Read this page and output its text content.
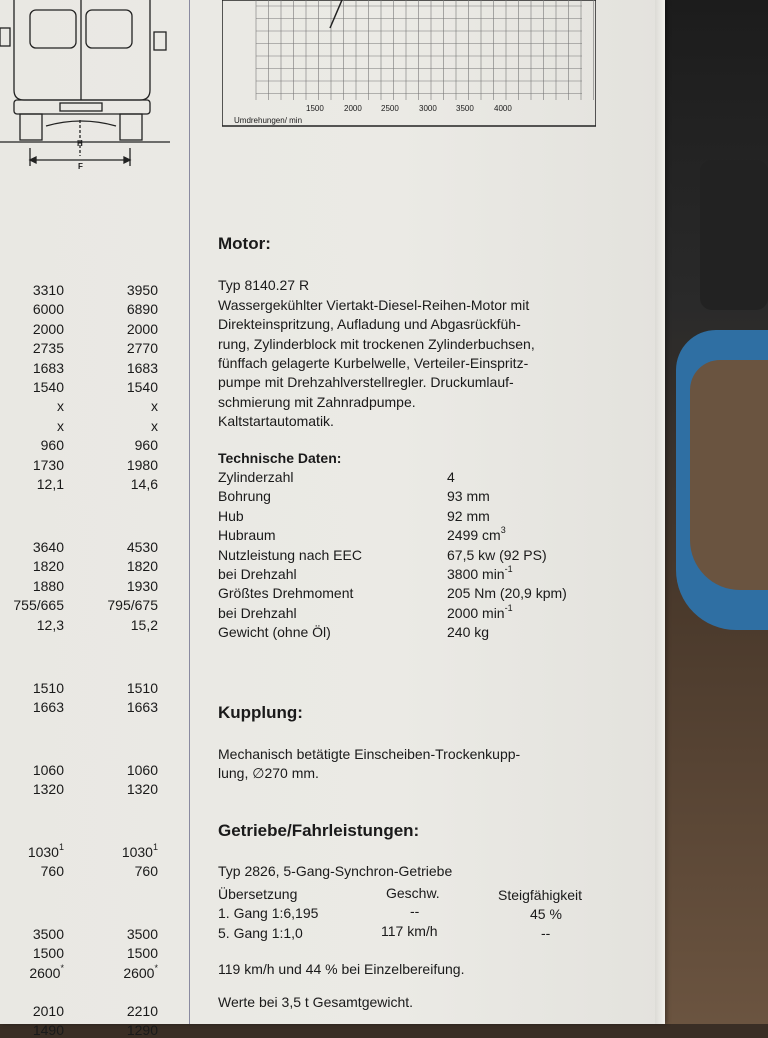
H
F
1500	2000 2500	3000 3500	4000
Umdrehungen/ min
3310	3950
6000	6890
2000	2000
2735	2770
1683	1683
1540	1540
x	x
x	x
960	960
1730	1980
12,1	14,6
3640	4530
1820	1820
1880	1930
755/665	795/675
12,3	15,2
1510	1510
1663	1663
1060	1060
1320	1320
1030$^1$	1030$^1$
760	760
3500	3500
1500	1500
2600*	2600*
2010	2210
1490	1290
Motor:
Typ 8140.27 R
Wassergekühlter Viertakt-Diesel-Reihen-Motor mit
Direkteinspritzung, Aufladung und Abgasrückfüh-
rung, Zylinderblock mit trockenen Zylinderbuchsen,
fünffach gelagerte Kurbelwelle, Verteiler-Einspritz-
pumpe mit Drehzahlverstellregler. Druckumlauf-
schmierung mit Zahnradpumpe.
Kaltstartautomatik.
Technische Daten:
Zylinderzahl	4
Bohrung	93 mm
Hub	92 mm
Hubraum	2499 $cm^3$
Nutzleistung nach EEC	67,5 kw (92 PS)
bei Drehzahl	3800 $\min^{-1}$
Größtes Drehmoment	205 Nm (20,9 kpm)
bei Drehzahl	2000 $\min^{-1}$
Gewicht (ohne Öl)	240 kg
Kupplung:
Mechanisch betätigte Einscheiben-Trockenkupp-
lung, ∅270 mm.
Getriebe/Fahrleistungen:
Typ 2826, 5-Gang-Synchron-Getriebe
Übersetzung	Geschw.	Steigfähigkeit
1. Gang 1:6,195	--	45 %
5. Gang 1:1,0	117 km/h	--
119 km/h und 44 % bei Einzelbereifung.
Werte bei 3,5 t Gesamtgewicht.
